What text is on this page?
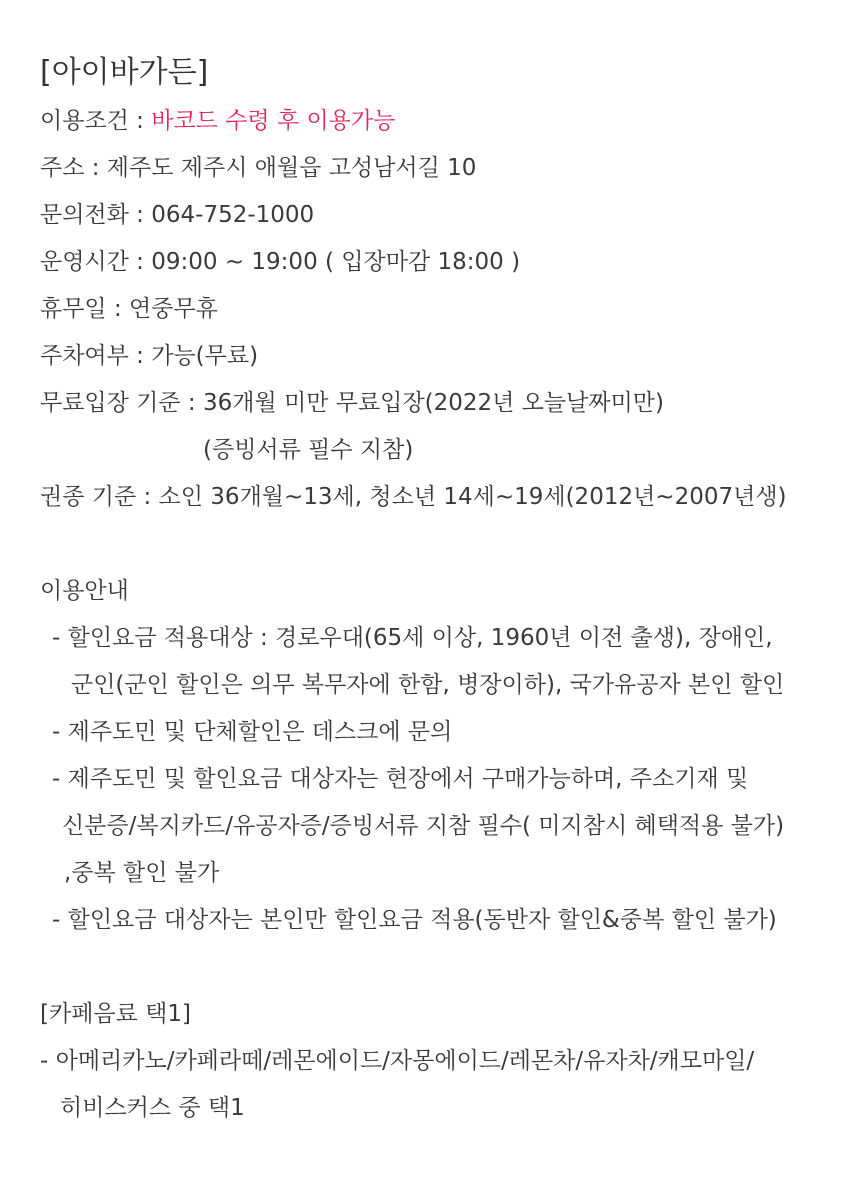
[아이바가든]
이용조건 : 바코드 수령 후 이용가능
주소 : 제주도 제주시 애월읍 고성남서길 10
문의전화 : 064-752-1000
운영시간 : 09:00 ~ 19:00 ( 입장마감 18:00 )
휴무일 : 연중무휴
주차여부 : 가능(무료)
무료입장 기준 : 36개월 미만 무료입장(2022년 오늘날짜미만)
(증빙서류 필수 지참)
권종 기준 : 소인 36개월~13세, 청소년 14세~19세(2012년~2007년생)
이용안내
- 할인요금 적용대상 : 경로우대(65세 이상, 1960년 이전 출생), 장애인,
군인(군인 할인은 의무 복무자에 한함, 병장이하), 국가유공자 본인 할인
- 제주도민 및 단체할인은 데스크에 문의
- 제주도민 및 할인요금 대상자는 현장에서 구매가능하며, 주소기재 및
신분증/복지카드/유공자증/증빙서류 지참 필수( 미지참시 혜택적용 불가)
,중복 할인 불가
- 할인요금 대상자는 본인만 할인요금 적용(동반자 할인&중복 할인 불가)
[카페음료 택1]
- 아메리카노/카페라떼/레몬에이드/자몽에이드/레몬차/유자차/캐모마일/
히비스커스 중 택1
